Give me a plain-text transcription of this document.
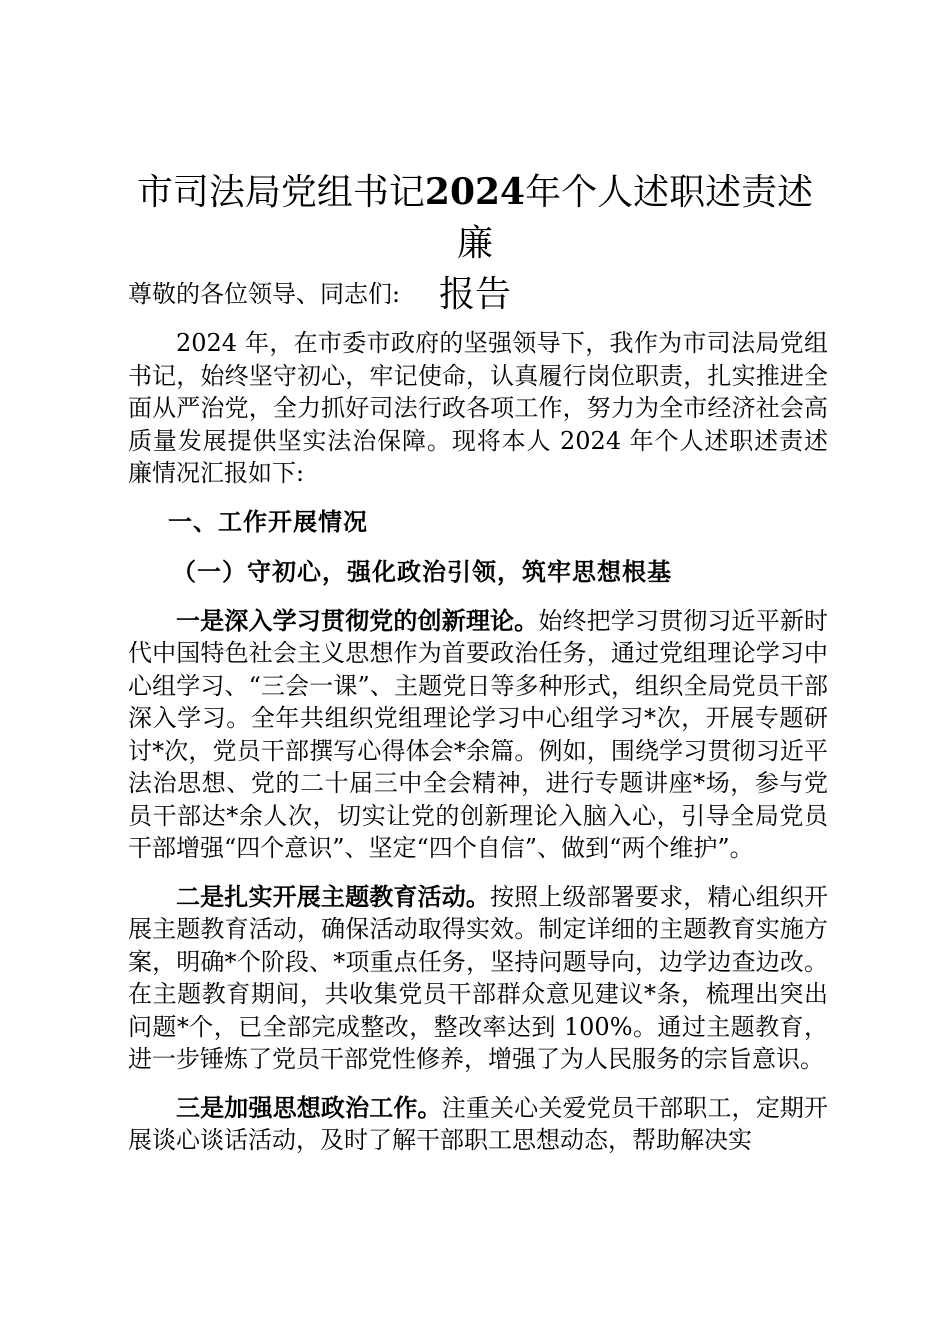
市司法局党组书记2024年个人述职述责述廉
报告

尊敬的各位领导、同志们:

2024 年，在市委市政府的坚强领导下，我作为市司法局党组书记，始终坚守初心，牢记使命，认真履行岗位职责，扎实推进全面从严治党，全力抓好司法行政各项工作，努力为全市经济社会高质量发展提供坚实法治保障。现将本人 2024 年个人述职述责述廉情况汇报如下:

一、工作开展情况

（一）守初心，强化政治引领，筑牢思想根基

一是深入学习贯彻党的创新理论。始终把学习贯彻习近平新时代中国特色社会主义思想作为首要政治任务，通过党组理论学习中心组学习、“三会一课”、主题党日等多种形式，组织全局党员干部深入学习。全年共组织党组理论学习中心组学习*次，开展专题研讨*次，党员干部撰写心得体会*余篇。例如，围绕学习贯彻习近平法治思想、党的二十届三中全会精神，进行专题讲座*场，参与党员干部达*余人次，切实让党的创新理论入脑入心，引导全局党员干部增强“四个意识”、坚定“四个自信”、做到“两个维护”。

二是扎实开展主题教育活动。按照上级部署要求，精心组织开展主题教育活动，确保活动取得实效。制定详细的主题教育实施方案，明确*个阶段、*项重点任务，坚持问题导向，边学边查边改。在主题教育期间，共收集党员干部群众意见建议*条，梳理出突出问题*个，已全部完成整改，整改率达到 100%。通过主题教育，进一步锤炼了党员干部党性修养，增强了为人民服务的宗旨意识。

三是加强思想政治工作。注重关心关爱党员干部职工，定期开展谈心谈话活动，及时了解干部职工思想动态，帮助解决实
